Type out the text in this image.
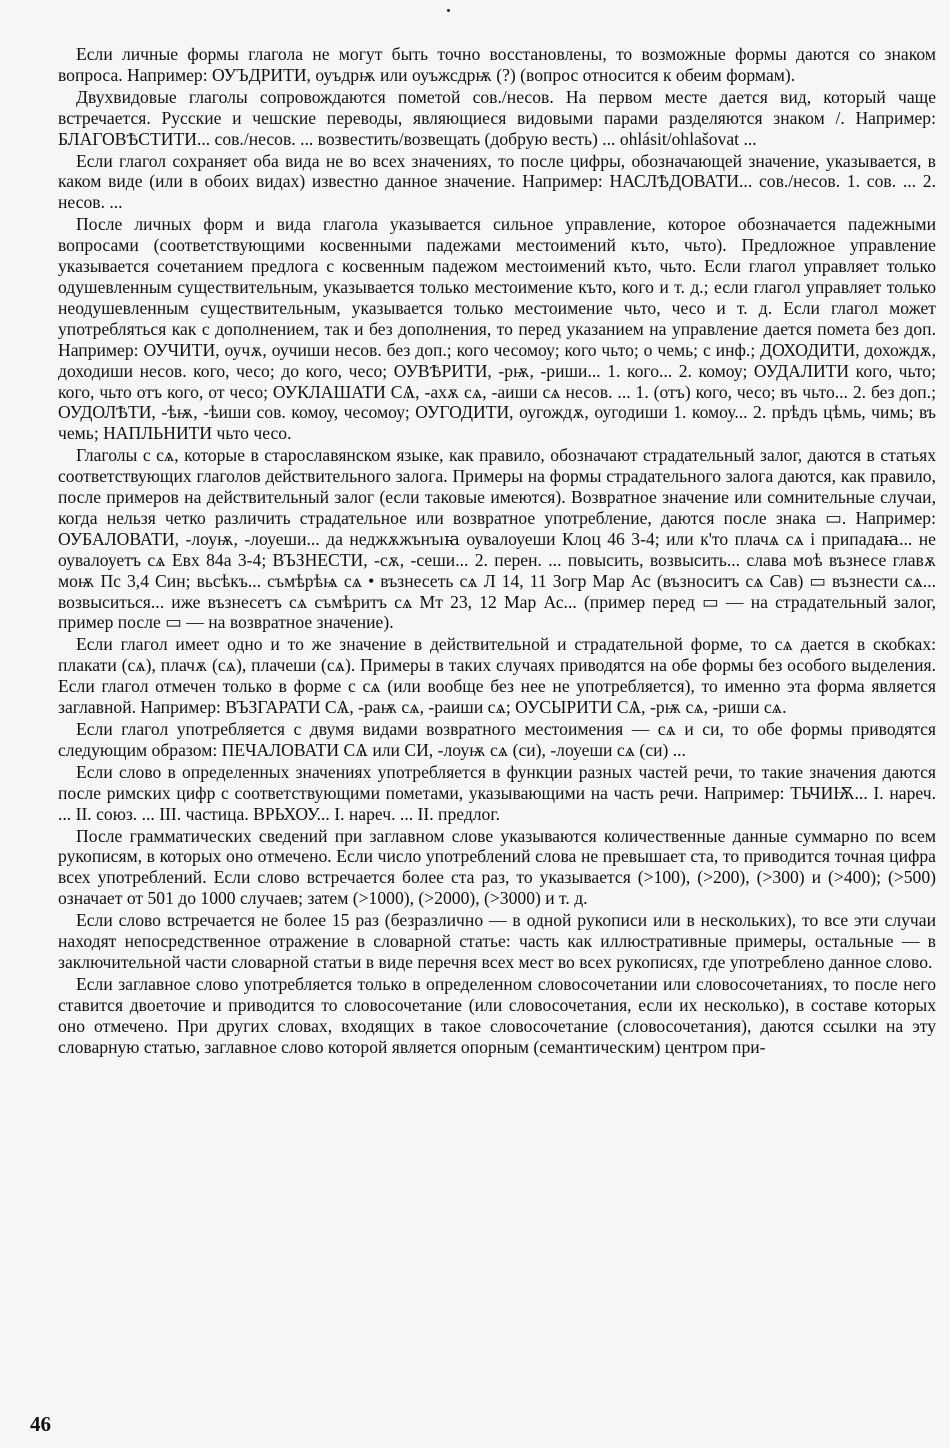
Если личные формы глагола не могут быть точно восстановлены, то возможные формы даются со знаком вопроса. Например: ОУЪДРИТИ, оуъдрѭ или оуъжсдрѭ (?) (вопрос относится к обеим формам).

Двухвидовые глаголы сопровождаются пометой сов./несов. На первом месте дается вид, который чаще встречается. Русские и чешские переводы, являющиеся видовыми парами разделяются знаком /. Например: БЛАГОВѢСТИТИ... сов./несов. ... возвестить/возвещать (добрую весть) ... ohlásit/ohlašovat ...

Если глагол сохраняет оба вида не во всех значениях, то после цифры, обозначающей значение, указывается, в каком виде (или в обоих видах) известно данное значение. Например: НАСЛѢДОВАТИ... сов./несов. 1. сов. ... 2. несов. ...

После личных форм и вида глагола указывается сильное управление, которое обозначается падежными вопросами (соответствующими косвенными падежами местоимений къто, чьто). Предложное управление указывается сочетанием предлога с косвенным падежом местоимений къто, чьто. Если глагол управляет только одушевленным существительным, указывается только местоимение къто, кого и т. д.; если глагол управляет только неодушевленным существительным, указывается только местоимение чьто, чесо и т. д. Если глагол может употребляться как с дополнением, так и без дополнения, то перед указанием на управление дается помета без доп. Например: ОУЧИТИ, оучѫ, оучиши несов. без доп.; кого чесомоу; кого чьто; о чемь; с инф.; ДОХОДИТИ, дохождѫ, доходиши несов. кого, чесо; до кого, чесо; ОУВѢРИТИ, -рѭ, -риши... 1. кого... 2. комоу; ОУДАЛИТИ кого, чьто; кого, чьто отъ кого, от чесо; ОУКЛАШАТИ СѦ, -ахѫ сѧ, -аиши сѧ несов. ... 1. (отъ) кого, чесо; въ чьто... 2. без доп.; ОУДОЛѢТИ, -ѣѭ, -ѣиши сов. комоу, чесомоу; ОУГОДИТИ, оугождѫ, оугодиши 1. комоу... 2. прѣдъ цѣмь, чимь; въ чемь; НАПЛЬНИТИ чьто чесо.

Глаголы с сѧ, которые в старославянском языке, как правило, обозначают страдательный залог, даются в статьях соответствующих глаголов действительного залога. Примеры на формы страдательного залога даются, как правило, после примеров на действительный залог (если таковые имеются). Возвратное значение или сомнительные случаи, когда нельзя четко различить страдательное или возвратное употребление, даются после знака ▭. Например: ОУБАЛОВАТИ, -лоуѭ, -лоуеши... да неджѫжънъıꙗ оувалоуеши Клоц 46 3-4; или к'то плачѧ сѧ і припадаꙗ... не оувалоуетъ сѧ Евх 84а 3-4; ВЪЗНЕСТИ, -сѫ, -сеши... 2. перен. ... повысить, возвысить... слава моѣ възнесе главѫ моѭ Пс 3,4 Син; вьсѣкъ... съмѣрѣѩ сѧ • възнесеть сѧ Л 14, 11 Зогр Мар Ас (възноситъ сѧ Сав) ▭ възнести сѧ... возвыситься... иже възнесетъ сѧ съмѣритъ сѧ Мт 23, 12 Мар Ас... (пример перед ▭ — на страдательный залог, пример после ▭ — на возвратное значение).

Если глагол имеет одно и то же значение в действительной и страдательной форме, то сѧ дается в скобках: плакати (сѧ), плачѫ (сѧ), плачеши (сѧ). Примеры в таких случаях приводятся на обе формы без особого выделения. Если глагол отмечен только в форме с сѧ (или вообще без нее не употребляется), то именно эта форма является заглавной. Например: ВЪЗГАРАТИ СѦ, -раѭ сѧ, -раиши сѧ; ОУСЫРИТИ СѦ, -рѭ сѧ, -риши сѧ.

Если глагол употребляется с двумя видами возвратного местоимения — сѧ и си, то обе формы приводятся следующим образом: ПЕЧАЛОВАТИ СѦ или СИ, -лоуѭ сѧ (си), -лоуеши сѧ (си) ...

Если слово в определенных значениях употребляется в функции разных частей речи, то такие значения даются после римских цифр с соответствующими пометами, указывающими на часть речи. Например: ТЬЧИѬ... I. нареч. ... II. союз. ... III. частица. ВРЬХОУ... I. нареч. ... II. предлог.

После грамматических сведений при заглавном слове указываются количественные данные суммарно по всем рукописям, в которых оно отмечено. Если число употреблений слова не превышает ста, то приводится точная цифра всех употреблений. Если слово встречается более ста раз, то указывается (>100), (>200), (>300) и (>400); (>500) означает от 501 до 1000 случаев; затем (>1000), (>2000), (>3000) и т. д.

Если слово встречается не более 15 раз (безразлично — в одной рукописи или в нескольких), то все эти случаи находят непосредственное отражение в словарной статье: часть как иллюстративные примеры, остальные — в заключительной части словарной статьи в виде перечня всех мест во всех рукописях, где употреблено данное слово.

Если заглавное слово употребляется только в определенном словосочетании или словосочетаниях, то после него ставится двоеточие и приводится то словосочетание (или словосочетания, если их несколько), в составе которых оно отмечено. При других словах, входящих в такое словосочетание (словосочетания), даются ссылки на эту словарную статью, заглавное слово которой является опорным (семантическим) центром при-

46
